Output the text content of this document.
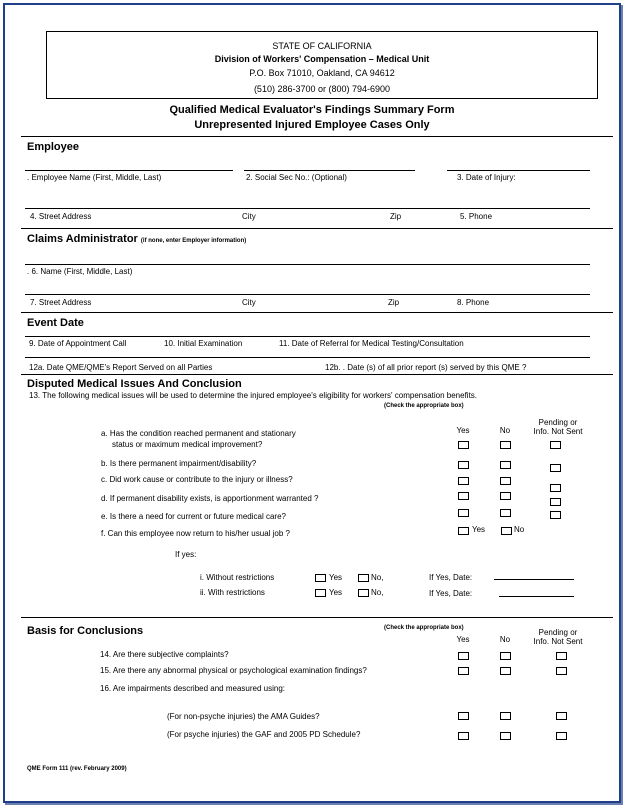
STATE OF CALIFORNIA
Division of Workers' Compensation – Medical Unit
P.O. Box 71010, Oakland, CA 94612
(510) 286-3700 or (800) 794-6900
Qualified Medical Evaluator's Findings Summary Form
Unrepresented Injured Employee Cases Only
Employee
. Employee Name (First, Middle, Last)	2. Social Sec No.: (Optional)	3. Date of Injury:
4. Street Address	City	Zip	5. Phone
Claims Administrator (if none, enter Employer information)
. 6. Name (First, Middle, Last)
7. Street Address	City	Zip	8. Phone
Event Date
9. Date of Appointment Call	10. Initial Examination	11. Date of Referral for Medical Testing/Consultation
12a. Date QME/QME's Report Served on all Parties	12b. . Date (s) of all prior report (s) served by this QME ?
Disputed Medical Issues And Conclusion
13. The following medical issues will be used to determine the injured employee's eligibility for workers' compensation benefits.
(Check the appropriate box)
Pending or
Info. Not Sent
Yes	No
a. Has the condition reached permanent and stationary
status or maximum medical improvement?
b. Is there permanent impairment/disability?
c. Did work cause or contribute to the injury or illness?
d. If permanent disability exists, is apportionment warranted ?
e. Is there a need for current or future medical care?
f. Can this employee now return to his/her usual job ?	Yes	No
If yes:
i. Without restrictions	Yes	No,	If Yes, Date:
ii. With restrictions	Yes	No,	If Yes, Date:
Basis for Conclusions	(Check the appropriate box)	Pending or
Info. Not Sent
Yes	No
14. Are there subjective complaints?
15. Are there any abnormal physical or psychological examination findings?
16. Are impairments described and measured using:
(For non-psyche injuries) the AMA Guides?
(For psyche injuries) the GAF and 2005 PD Schedule?
QME Form 111 (rev. February 2009)
